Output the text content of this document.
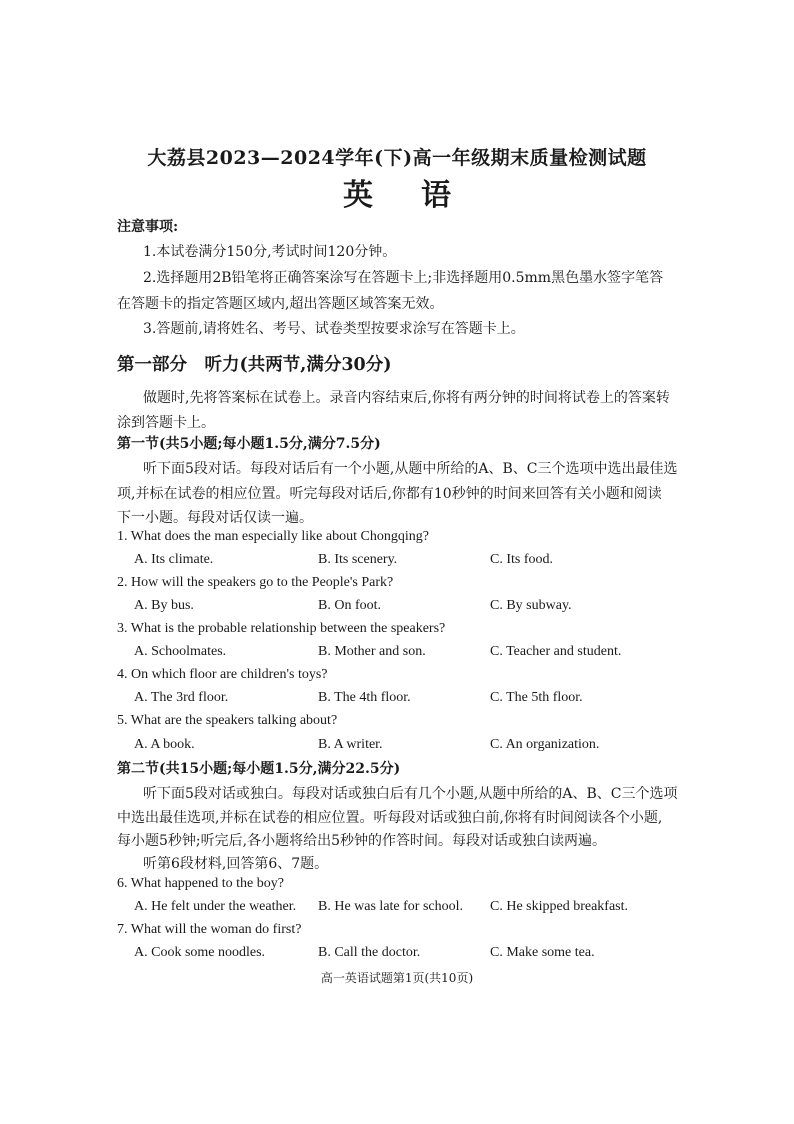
大荔县2023—2024学年(下)高一年级期末质量检测试题
英语
注意事项:
1.本试卷满分150分,考试时间120分钟。
2.选择题用2B铅笔将正确答案涂写在答题卡上;非选择题用0.5mm黑色墨水签字笔答
在答题卡的指定答题区域内,超出答题区域答案无效。
3.答题前,请将姓名、考号、试卷类型按要求涂写在答题卡上。
第一部分　听力(共两节,满分30分)
做题时,先将答案标在试卷上。录音内容结束后,你将有两分钟的时间将试卷上的答案转
涂到答题卡上。
第一节(共5小题;每小题1.5分,满分7.5分)
听下面5段对话。每段对话后有一个小题,从题中所给的A、B、C三个选项中选出最佳选
项,并标在试卷的相应位置。听完每段对话后,你都有10秒钟的时间来回答有关小题和阅读
下一小题。每段对话仅读一遍。
1. What does the man especially like about Chongqing?
A. Its climate.	B. Its scenery.	C. Its food.
2. How will the speakers go to the People's Park?
A. By bus.	B. On foot.	C. By subway.
3. What is the probable relationship between the speakers?
A. Schoolmates.	B. Mother and son.	C. Teacher and student.
4. On which floor are children's toys?
A. The 3rd floor.	B. The 4th floor.	C. The 5th floor.
5. What are the speakers talking about?
A. A book.	B. A writer.	C. An organization.
第二节(共15小题;每小题1.5分,满分22.5分)
听下面5段对话或独白。每段对话或独白后有几个小题,从题中所给的A、B、C三个选项
中选出最佳选项,并标在试卷的相应位置。听每段对话或独白前,你将有时间阅读各个小题,
每小题5秒钟;听完后,各小题将给出5秒钟的作答时间。每段对话或独白读两遍。
听第6段材料,回答第6、7题。
6. What happened to the boy?
A. He felt under the weather. B. He was late for school. C. He skipped breakfast.
7. What will the woman do first?
A. Cook some noodles.	B. Call the doctor.	C. Make some tea.
高一英语试题第1页(共10页)
